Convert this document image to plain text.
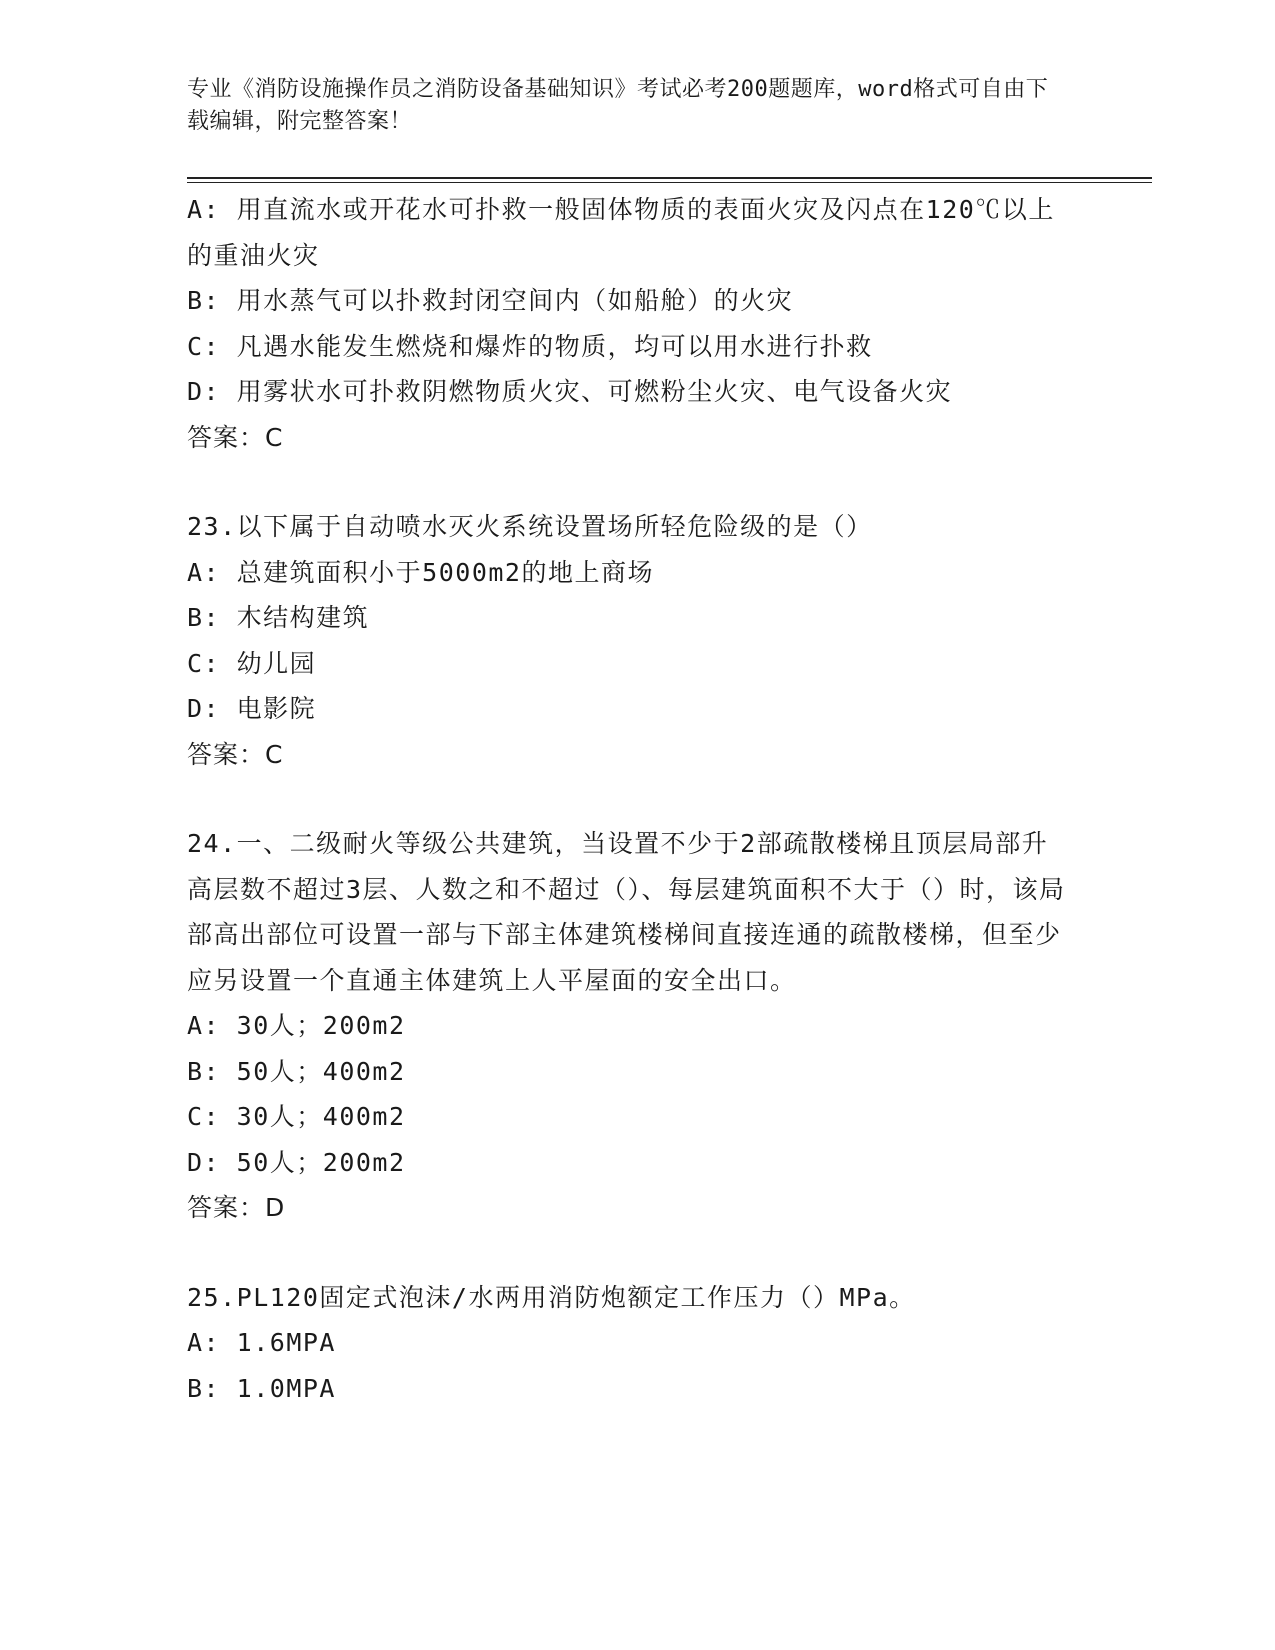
专业《消防设施操作员之消防设备基础知识》考试必考200题题库，word格式可自由下载编辑，附完整答案！

A: 用直流水或开花水可扑救一般固体物质的表面火灾及闪点在120℃以上的重油火灾

B: 用水蒸气可以扑救封闭空间内（如船舱）的火灾

C: 凡遇水能发生燃烧和爆炸的物质，均可以用水进行扑救

D: 用雾状水可扑救阴燃物质火灾、可燃粉尘火灾、电气设备火灾

答案：C

23.以下属于自动喷水灭火系统设置场所轻危险级的是（）

A: 总建筑面积小于5000m2的地上商场

B: 木结构建筑

C: 幼儿园

D: 电影院

答案：C

24.一、二级耐火等级公共建筑，当设置不少于2部疏散楼梯且顶层局部升高层数不超过3层、人数之和不超过（）、每层建筑面积不大于（）时，该局部高出部位可设置一部与下部主体建筑楼梯间直接连通的疏散楼梯，但至少应另设置一个直通主体建筑上人平屋面的安全出口。

A: 30人；200m2

B: 50人；400m2

C: 30人；400m2

D: 50人；200m2

答案：D

25.PL120固定式泡沫/水两用消防炮额定工作压力（）MPa。

A: 1.6MPA

B: 1.0MPA
